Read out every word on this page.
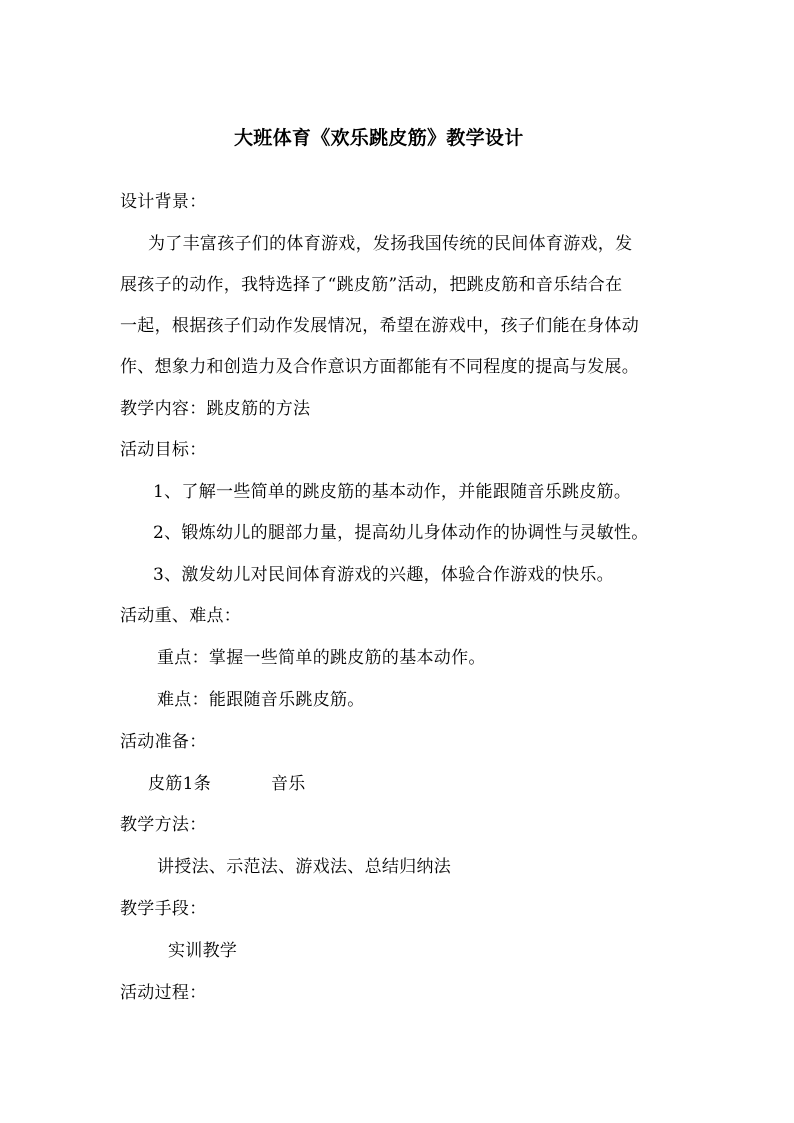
大班体育《欢乐跳皮筋》教学设计
设计背景：
为了丰富孩子们的体育游戏，发扬我国传统的民间体育游戏，发
展孩子的动作，我特选择了“跳皮筋”活动，把跳皮筋和音乐结合在
一起，根据孩子们动作发展情况，希望在游戏中，孩子们能在身体动
作、想象力和创造力及合作意识方面都能有不同程度的提高与发展。
教学内容：跳皮筋的方法
活动目标：
1、了解一些简单的跳皮筋的基本动作，并能跟随音乐跳皮筋。
2、锻炼幼儿的腿部力量，提高幼儿身体动作的协调性与灵敏性。
3、激发幼儿对民间体育游戏的兴趣，体验合作游戏的快乐。
活动重、难点：
重点：掌握一些简单的跳皮筋的基本动作。
难点：能跟随音乐跳皮筋。
活动准备：
皮筋1条	音乐
教学方法：
讲授法、示范法、游戏法、总结归纳法
教学手段：
实训教学
活动过程：
